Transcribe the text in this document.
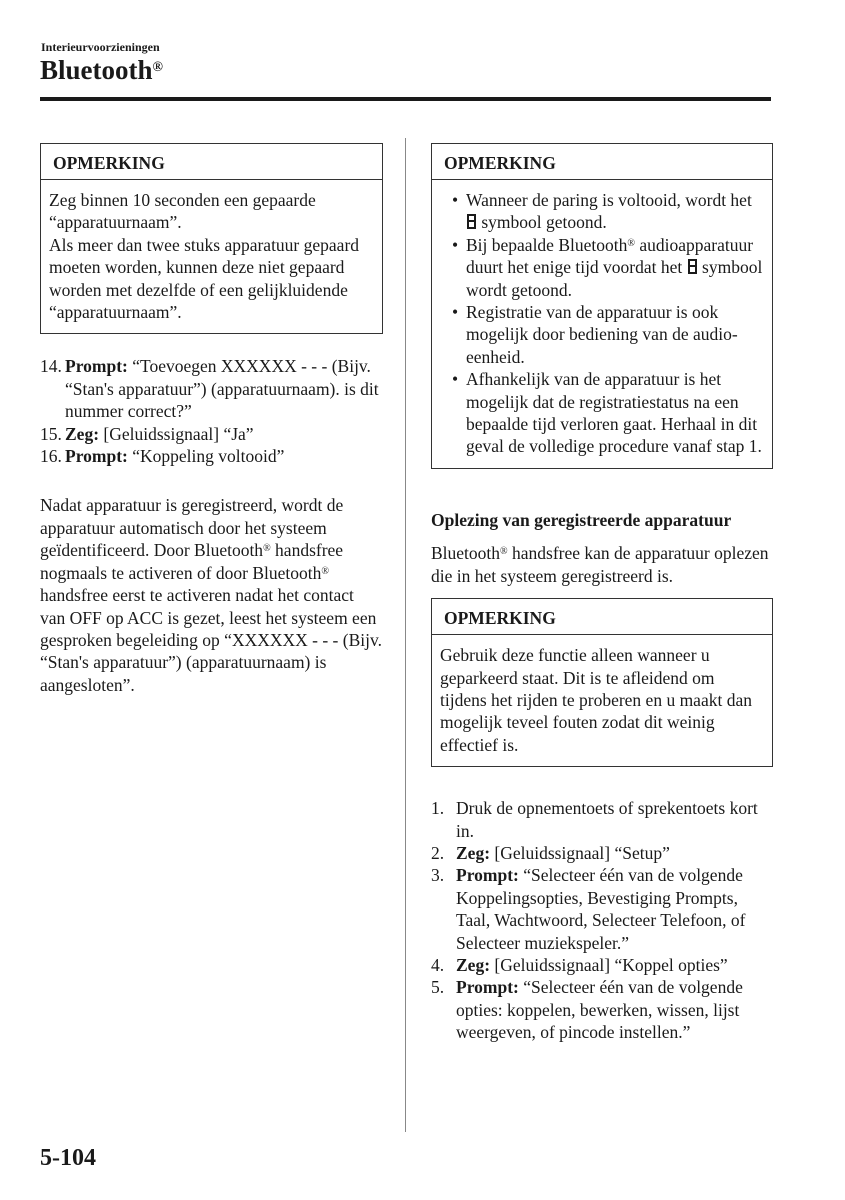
Interieurvoorzieningen
Bluetooth®
OPMERKING

Zeg binnen 10 seconden een gepaarde “apparatuurnaam”.

Als meer dan twee stuks apparatuur gepaard moeten worden, kunnen deze niet gepaard worden met dezelfde of een gelijkluidende “apparatuurnaam”.

14. Prompt: “Toevoegen XXXXXX - - - (Bijv. “Stan's apparatuur”) (apparatuurnaam). is dit nummer correct?”
15. Zeg: [Geluidssignaal] “Ja”
16. Prompt: “Koppeling voltooid”

Nadat apparatuur is geregistreerd, wordt de apparatuur automatisch door het systeem geïdentificeerd. Door Bluetooth® handsfree nogmaals te activeren of door Bluetooth® handsfree eerst te activeren nadat het contact van OFF op ACC is gezet, leest het systeem een gesproken begeleiding op “XXXXXX - - - (Bijv. “Stan's apparatuur”) (apparatuurnaam) is aangesloten”.

OPMERKING
• Wanneer de paring is voltooid, wordt het  symbool getoond.
• Bij bepaalde Bluetooth® audioapparatuur duurt het enige tijd voordat het symbool wordt getoond.
• Registratie van de apparatuur is ook mogelijk door bediening van de audio-eenheid.
• Afhankelijk van de apparatuur is het mogelijk dat de registratiestatus na een bepaalde tijd verloren gaat. Herhaal in dit geval de volledige procedure vanaf stap 1.

Oplezing van geregistreerde apparatuur

Bluetooth® handsfree kan de apparatuur oplezen die in het systeem geregistreerd is.

OPMERKING

Gebruik deze functie alleen wanneer u geparkeerd staat. Dit is te afleidend om tijdens het rijden te proberen en u maakt dan mogelijk teveel fouten zodat dit weinig effectief is.

1. Druk de opnementoets of sprekentoets kort in.
2. Zeg: [Geluidssignaal] “Setup”
3. Prompt: “Selecteer één van de volgende Koppelingsopties, Bevestiging Prompts, Taal, Wachtwoord, Selecteer Telefoon, of Selecteer muziekspeler.”
4. Zeg: [Geluidssignaal] “Koppel opties”
5. Prompt: “Selecteer één van de volgende opties: koppelen, bewerken, wissen, lijst weergeven, of pincode instellen.”
5-104
